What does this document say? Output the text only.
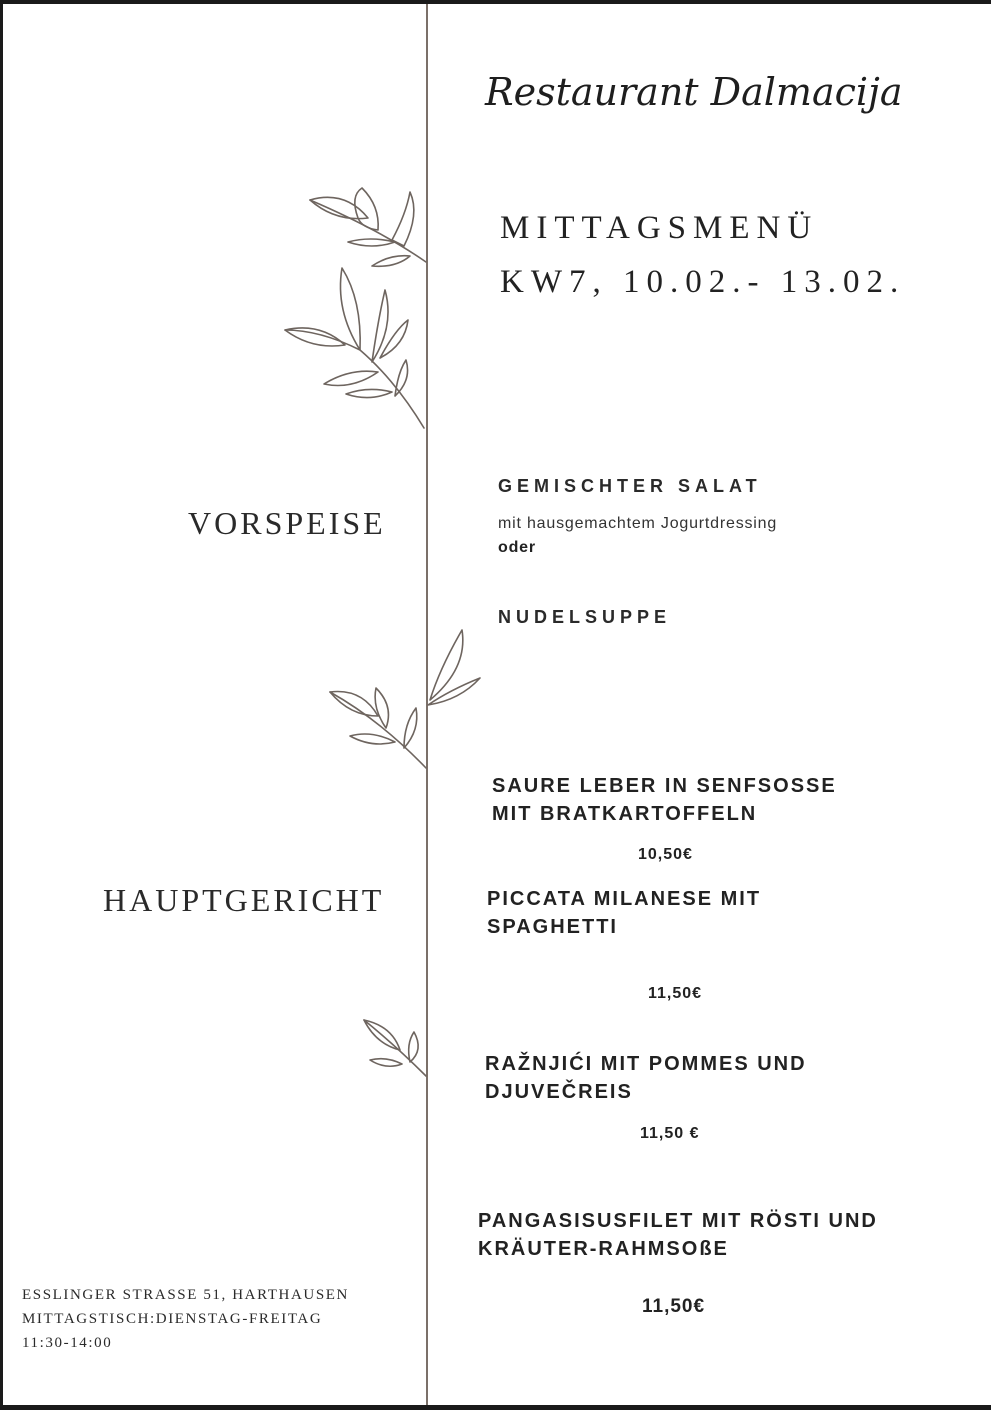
Restaurant Dalmacija
MITTAGSMENÜ
KW7, 10.02.- 13.02.
VORSPEISE
GEMISCHTER SALAT
mit hausgemachtem Jogurtdressing
oder
NUDELSUPPE
HAUPTGERICHT
SAURE LEBER IN SENFSOSSE
MIT BRATKARTOFFELN
10,50€
PICCATA MILANESE MIT
SPAGHETTI
11,50€
RAŽNJIĆI MIT POMMES UND
DJUVEČREIS
11,50 €
PANGASISUSFILET MIT RÖSTI UND
KRÄUTER-RAHMSOßE
11,50€
ESSLINGER STRASSE 51, HARTHAUSEN
MITTAGSTISCH:DIENSTAG-FREITAG
11:30-14:00
